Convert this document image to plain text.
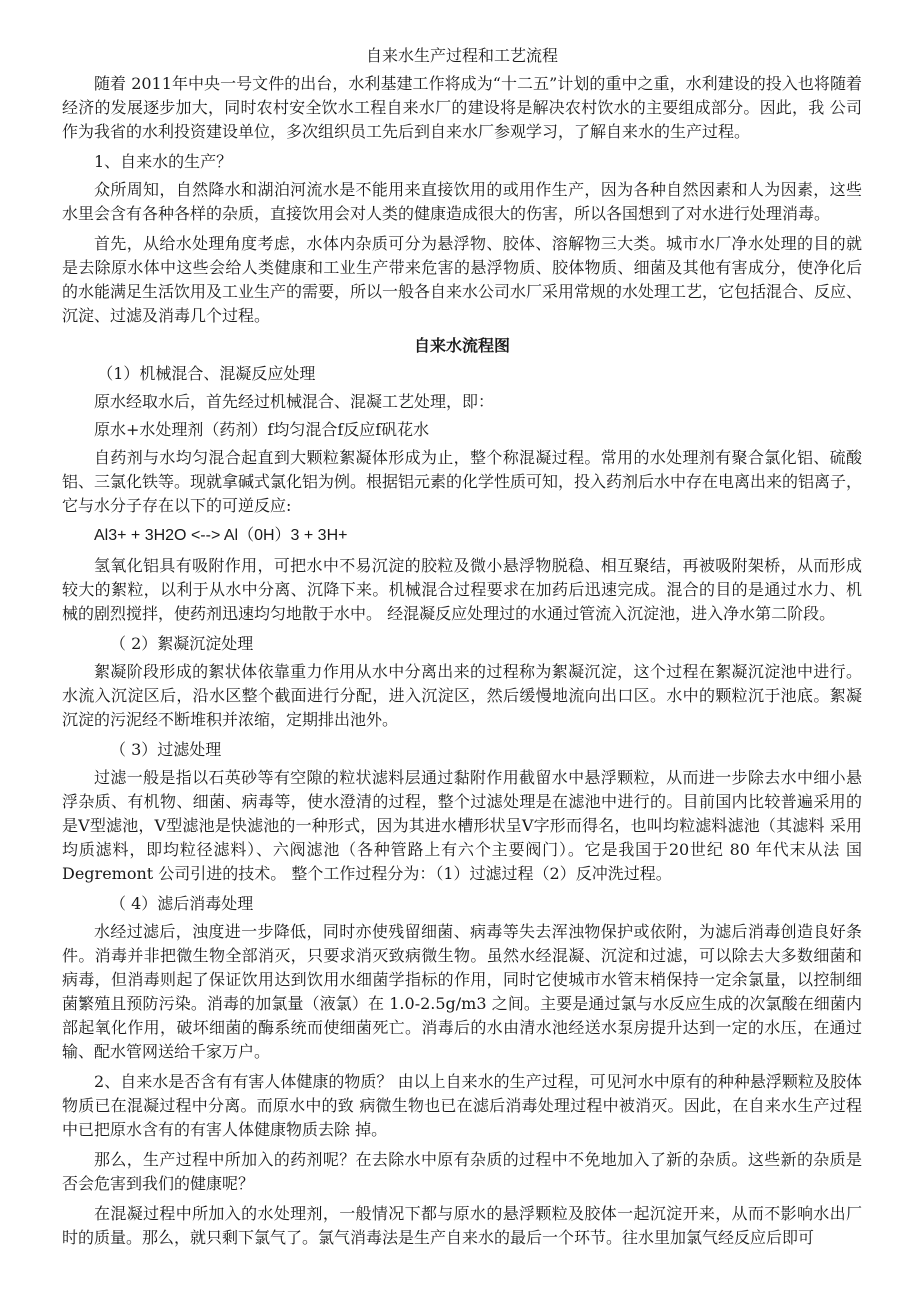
自来水生产过程和工艺流程

随着 2011年中央一号文件的出台，水利基建工作将成为“十二五”计划的重中之重，水利建设的投入也将随着经济的发展逐步加大，同时农村安全饮水工程自来水厂的建设将是解决农村饮水的主要组成部分。因此，我 公司作为我省的水利投资建设单位，多次组织员工先后到自来水厂参观学习，了解自来水的生产过程。

1、自来水的生产？

众所周知，自然降水和湖泊河流水是不能用来直接饮用的或用作生产，因为各种自然因素和人为因素，这些 水里会含有各种各样的杂质，直接饮用会对人类的健康造成很大的伤害，所以各国想到了对水进行处理消毒。

首先，从给水处理角度考虑，水体内杂质可分为悬浮物、胶体、溶解物三大类。城市水厂净水处理的目的就 是去除原水体中这些会给人类健康和工业生产带来危害的悬浮物质、胶体物质、细菌及其他有害成分，使净化后 的水能满足生活饮用及工业生产的需要，所以一般各自来水公司水厂采用常规的水处理工艺，它包括混合、反应、 沉淀、过滤及消毒几个过程。

自来水流程图

（1）机械混合、混凝反应处理

原水经取水后，首先经过机械混合、混凝工艺处理，即：

原水+水处理剂（药剂）f均匀混合f反应f矾花水

自药剂与水均匀混合起直到大颗粒絮凝体形成为止，整个称混凝过程。常用的水处理剂有聚合氯化铝、硫酸 铝、三氯化铁等。现就拿碱式氯化铝为例。根据铝元素的化学性质可知，投入药剂后水中存在电离出来的铝离子， 它与水分子存在以下的可逆反应:

Al3+ + 3H2O <--> Al（0H）3 + 3H+

氢氧化铝具有吸附作用，可把水中不易沉淀的胶粒及微小悬浮物脱稳、相互聚结，再被吸附架桥，从而形成 较大的絮粒，以利于从水中分离、沉降下来。机械混合过程要求在加药后迅速完成。混合的目的是通过水力、机 械的剧烈搅拌，使药剂迅速均匀地散于水中。 经混凝反应处理过的水通过管流入沉淀池，进入净水第二阶段。

（ 2）絮凝沉淀处理

絮凝阶段形成的絮状体依靠重力作用从水中分离出来的过程称为絮凝沉淀，这个过程在絮凝沉淀池中进行。 水流入沉淀区后，沿水区整个截面进行分配，进入沉淀区，然后缓慢地流向出口区。水中的颗粒沉于池底。絮凝 沉淀的污泥经不断堆积并浓缩，定期排出池外。

（ 3）过滤处理

过滤一般是指以石英砂等有空隙的粒状滤料层通过黏附作用截留水中悬浮颗粒，从而进一步除去水中细小悬 浮杂质、有机物、细菌、病毒等，使水澄清的过程，整个过滤处理是在滤池中进行的。目前国内比较普遍采用的 是V型滤池，V型滤池是快滤池的一种形式，因为其进水槽形状呈V字形而得名，也叫均粒滤料滤池（其滤料 采用均质滤料，即均粒径滤料）、六阀滤池（各种管路上有六个主要阀门）。它是我国于20世纪 80 年代末从法 国 Degremont 公司引进的技术。 整个工作过程分为：（1）过滤过程（2）反冲洗过程。

（ 4）滤后消毒处理

水经过滤后，浊度进一步降低，同时亦使残留细菌、病毒等失去浑浊物保护或依附，为滤后消毒创造良好条 件。消毒并非把微生物全部消灭，只要求消灭致病微生物。虽然水经混凝、沉淀和过滤，可以除去大多数细菌和 病毒，但消毒则起了保证饮用达到饮用水细菌学指标的作用，同时它使城市水管末梢保持一定余氯量，以控制细 菌繁殖且预防污染。消毒的加氯量（液氯）在 1.0-2.5g/m3 之间。主要是通过氯与水反应生成的次氯酸在细菌内 部起氧化作用，破坏细菌的酶系统而使细菌死亡。消毒后的水由清水池经送水泵房提升达到一定的水压，在通过 输、配水管网送给千家万户。

2、自来水是否含有有害人体健康的物质？ 由以上自来水的生产过程，可见河水中原有的种种悬浮颗粒及胶体物质已在混凝过程中分离。而原水中的致 病微生物也已在滤后消毒处理过程中被消灭。因此，在自来水生产过程中已把原水含有的有害人体健康物质去除 掉。

那么，生产过程中所加入的药剂呢？在去除水中原有杂质的过程中不免地加入了新的杂质。这些新的杂质是 否会危害到我们的健康呢？

在混凝过程中所加入的水处理剂，一般情况下都与原水的悬浮颗粒及胶体一起沉淀开来，从而不影响水出厂 时的质量。那么，就只剩下氯气了。氯气消毒法是生产自来水的最后一个环节。往水里加氯气经反应后即可
